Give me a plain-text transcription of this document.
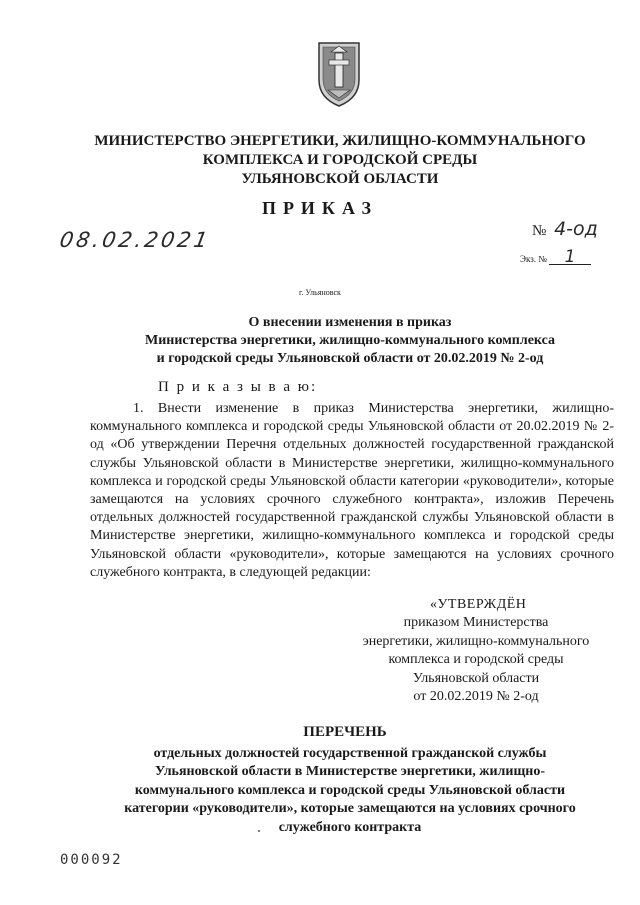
МИНИСТЕРСТВО ЭНЕРГЕТИКИ, ЖИЛИЩНО-КОММУНАЛЬНОГО
КОМПЛЕКСА И ГОРОДСКОЙ СРЕДЫ
УЛЬЯНОВСКОЙ ОБЛАСТИ
ПРИКАЗ
08.02.2021	№ 4-од
Экз. № 1
г. Ульяновск
О внесении изменения в приказ
Министерства энергетики, жилищно-коммунального комплекса
и городской среды Ульяновской области от 20.02.2019 № 2-од
П р и к а з ы в а ю:
1. Внести изменение в приказ Министерства энергетики, жилищно-коммунального комплекса и городской среды Ульяновской области от 20.02.2019 № 2-од «Об утверждении Перечня отдельных должностей государственной гражданской службы Ульяновской области в Министерстве энергетики, жилищно-коммунального комплекса и городской среды Ульяновской области категории «руководители», которые замещаются на условиях срочного служебного контракта», изложив Перечень отдельных должностей государственной гражданской службы Ульяновской области в Министерстве энергетики, жилищно-коммунального комплекса и городской среды Ульяновской области «руководители», которые замещаются на условиях срочного служебного контракта, в следующей редакции:
«УТВЕРЖДЁН
приказом Министерства
энергетики, жилищно-коммунального
комплекса и городской среды
Ульяновской области
от 20.02.2019 № 2-од
ПЕРЕЧЕНЬ
отдельных должностей государственной гражданской службы
Ульяновской области в Министерстве энергетики, жилищно-
коммунального комплекса и городской среды Ульяновской области
категории «руководители», которые замещаются на условиях срочного
служебного контракта
000092
